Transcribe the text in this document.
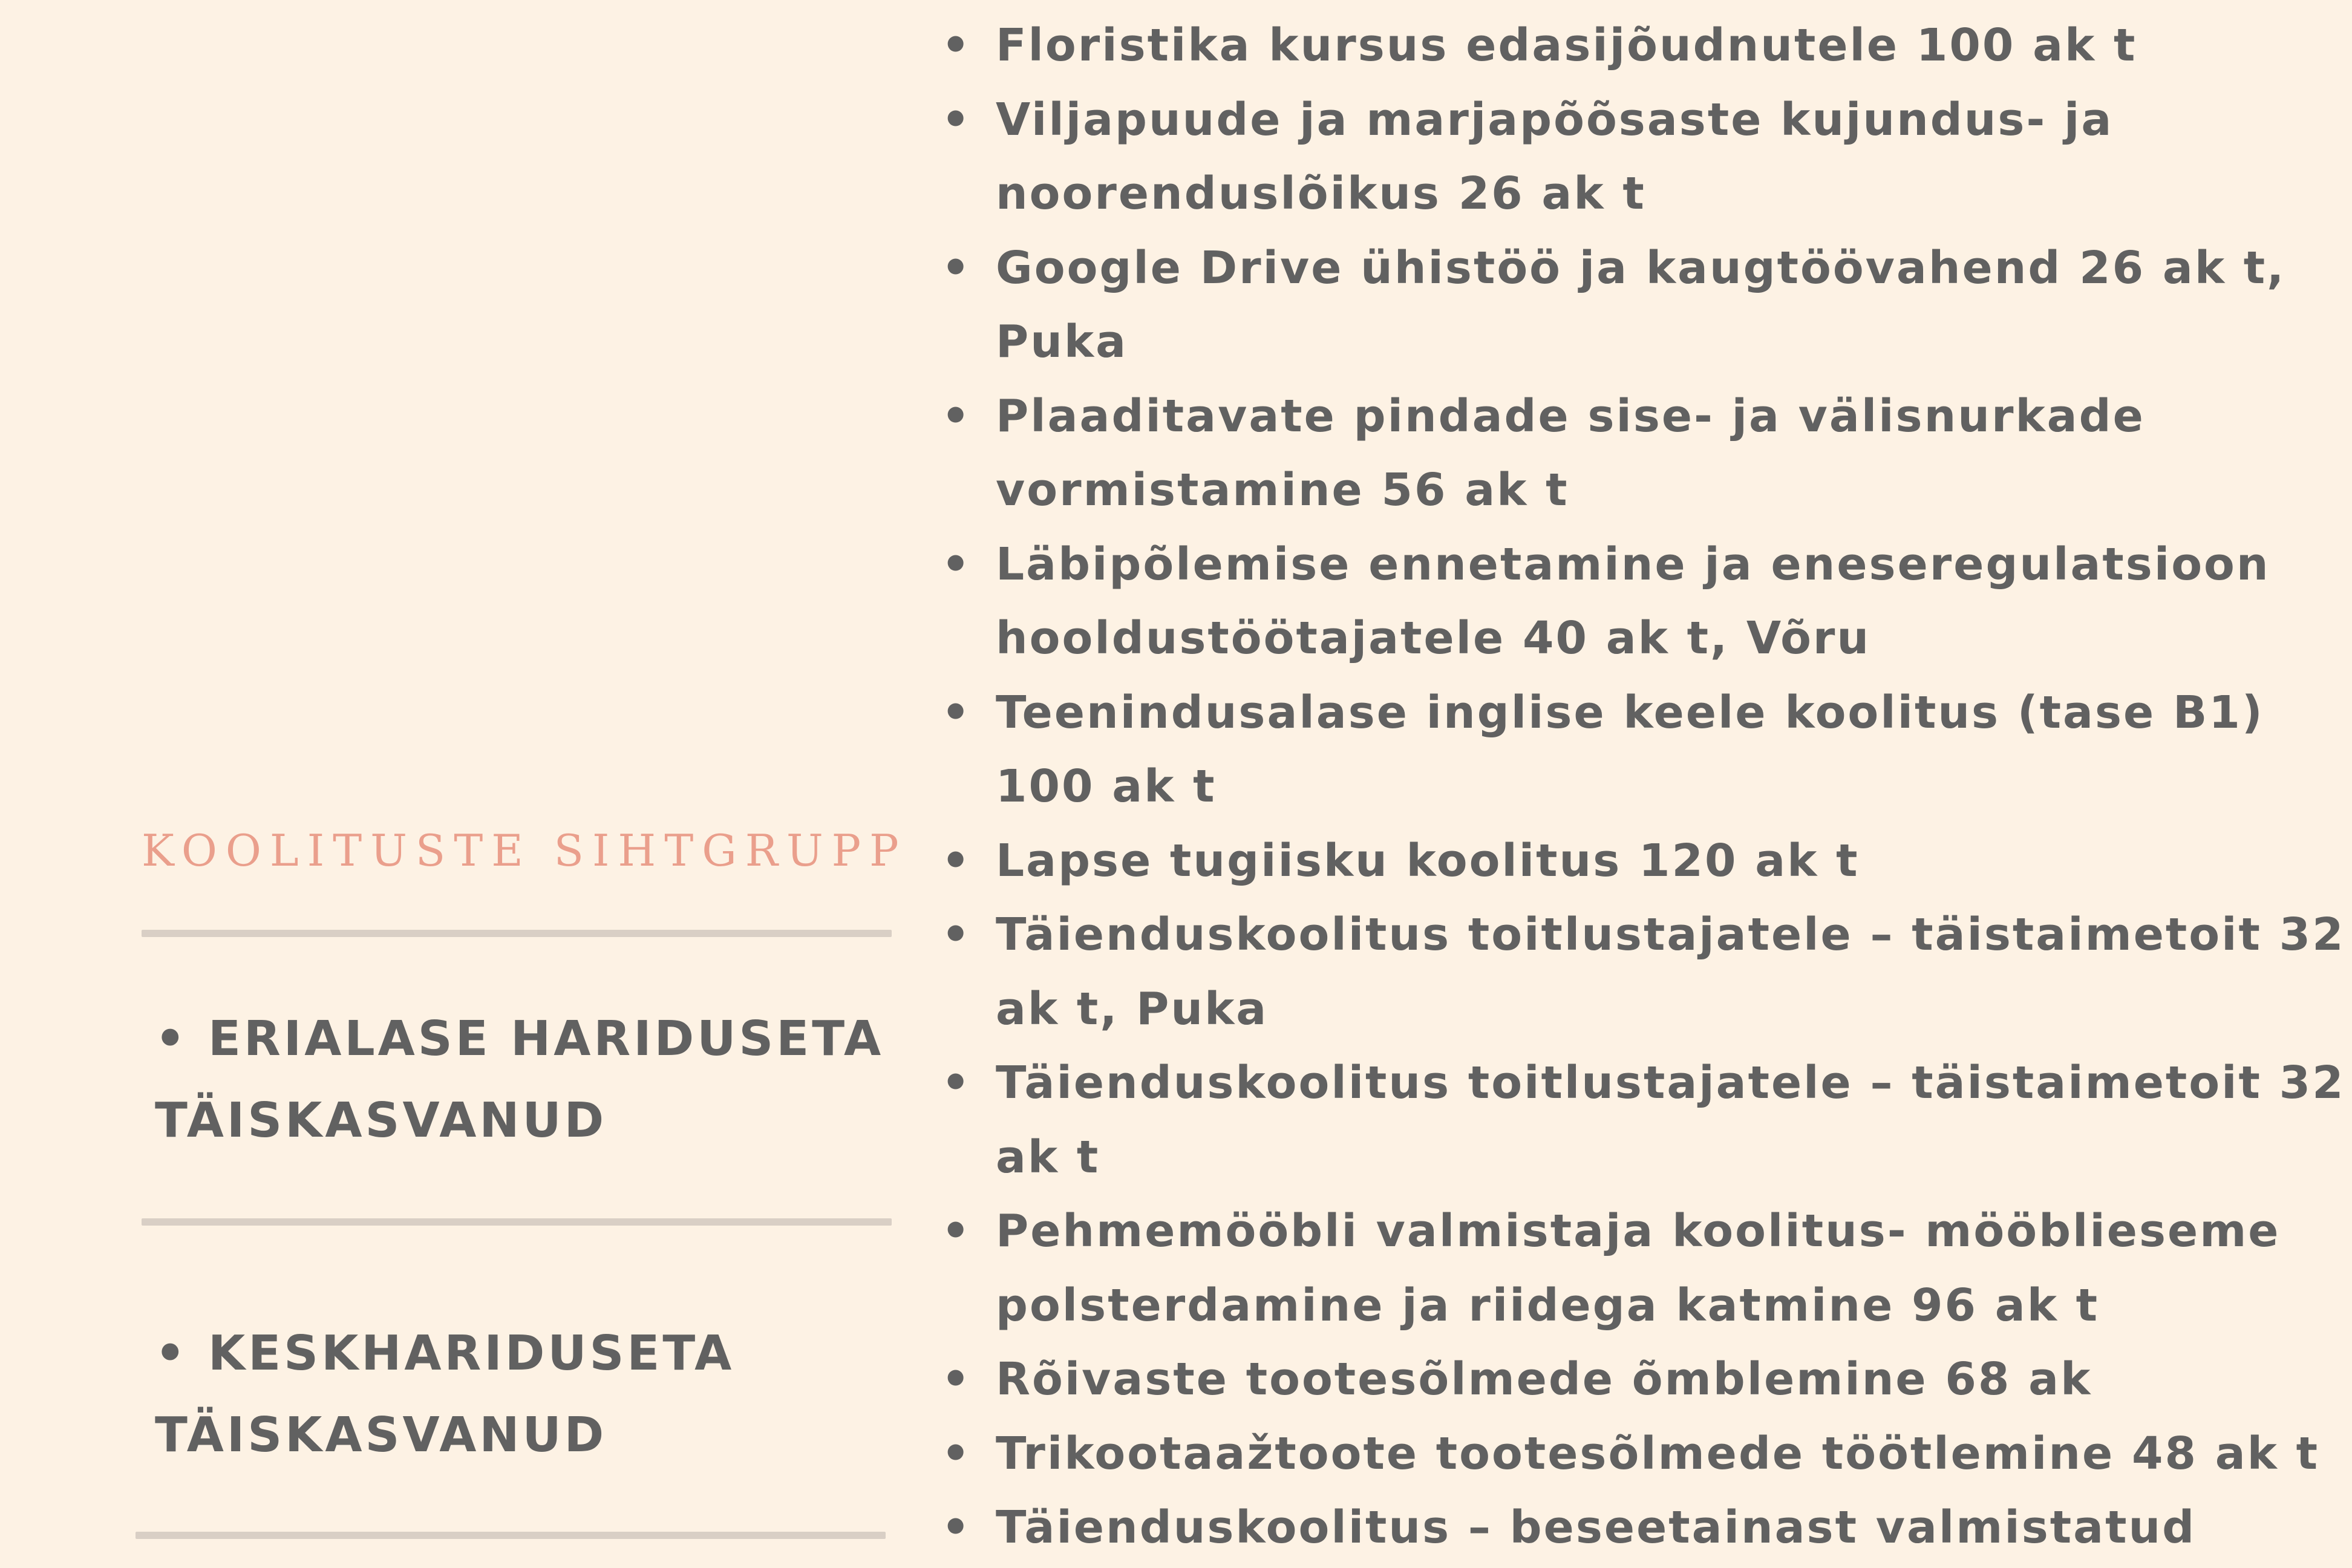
KOOLITUSTE SIHTGRUPP

• ERIALASE HARIDUSETA
TÄISKASVANUD

• KESKHARIDUSETA
TÄISKASVANUD

• Floristika kursus edasijõudnutele 100 ak t
• Viljapuude ja marjapõõsaste kujundus- ja
noorenduslõikus 26 ak t
• Google Drive ühistöö ja kaugtöövahend 26 ak t,
Puka
• Plaaditavate pindade sise- ja välisnurkade
vormistamine 56 ak t
• Läbipõlemise ennetamine ja eneseregulatsioon
hooldustöötajatele 40 ak t, Võru
• Teenindusalase inglise keele koolitus (tase B1)
100 ak t
• Lapse tugiisku koolitus 120 ak t
• Täienduskoolitus toitlustajatele – täistaimetoit 32
ak t, Puka
• Täienduskoolitus toitlustajatele – täistaimetoit 32
ak t
• Pehmemööbli valmistaja koolitus- mööblieseme
polsterdamine ja riidega katmine 96 ak t
• Rõivaste tootesõlmede õmblemine 68 ak
• Trikootaažtoote tootesõlmede töötlemine 48 ak t
• Täienduskoolitus – beseetainast valmistatud
